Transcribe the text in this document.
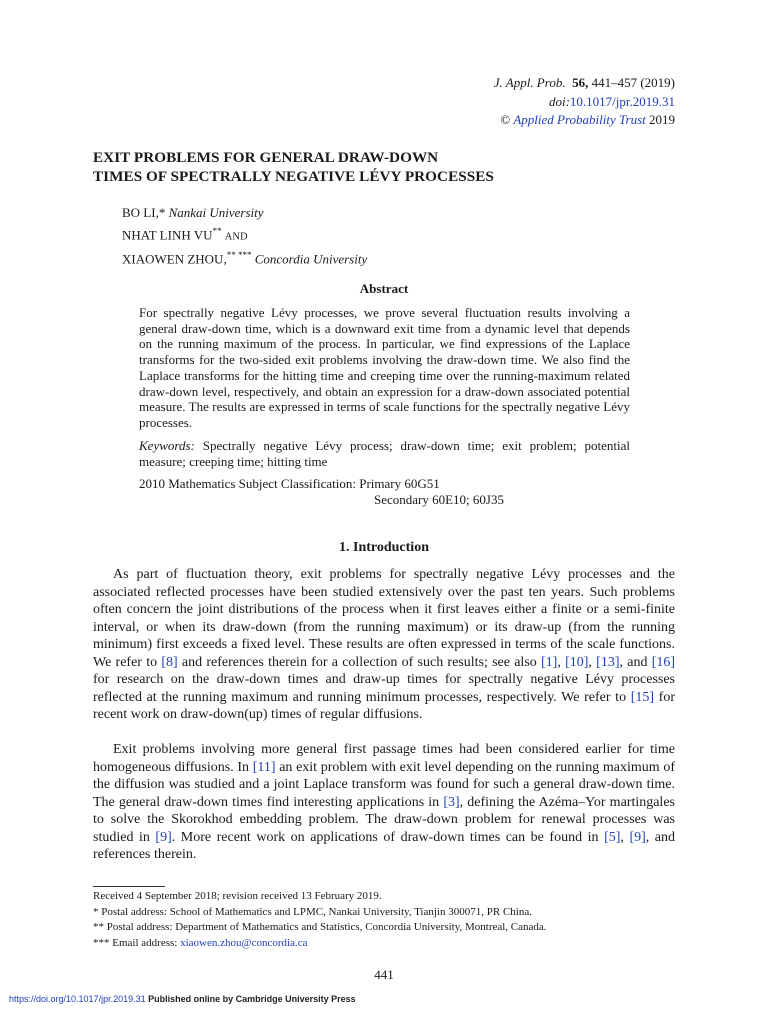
J. Appl. Prob. 56, 441–457 (2019)
doi:10.1017/jpr.2019.31
© Applied Probability Trust 2019
EXIT PROBLEMS FOR GENERAL DRAW-DOWN
TIMES OF SPECTRALLY NEGATIVE LÉVY PROCESSES
BO LI,* Nankai University
NHAT LINH VU** AND
XIAOWEN ZHOU,** *** Concordia University
Abstract

For spectrally negative Lévy processes, we prove several fluctuation results involving a general draw-down time, which is a downward exit time from a dynamic level that depends on the running maximum of the process. In particular, we find expressions of the Laplace transforms for the two-sided exit problems involving the draw-down time. We also find the Laplace transforms for the hitting time and creeping time over the running-maximum related draw-down level, respectively, and obtain an expression for a draw-down associated potential measure. The results are expressed in terms of scale functions for the spectrally negative Lévy processes.

Keywords: Spectrally negative Lévy process; draw-down time; exit problem; potential measure; creeping time; hitting time
2010 Mathematics Subject Classification: Primary 60G51
Secondary 60E10; 60J35
1. Introduction

As part of fluctuation theory, exit problems for spectrally negative Lévy processes and the associated reflected processes have been studied extensively over the past ten years. Such problems often concern the joint distributions of the process when it first leaves either a finite or a semi-finite interval, or when its draw-down (from the running maximum) or its draw-up (from the running minimum) first exceeds a fixed level. These results are often expressed in terms of the scale functions. We refer to [8] and references therein for a collection of such results; see also [1], [10], [13], and [16] for research on the draw-down times and draw-up times for spectrally negative Lévy processes reflected at the running maximum and running minimum processes, respectively. We refer to [15] for recent work on draw-down(up) times of regular diffusions.

Exit problems involving more general first passage times had been considered earlier for time homogeneous diffusions. In [11] an exit problem with exit level depending on the running maximum of the diffusion was studied and a joint Laplace transform was found for such a general draw-down time. The general draw-down times find interesting applications in [3], defining the Azéma–Yor martingales to solve the Skorokhod embedding problem. The draw-down problem for renewal processes was studied in [9]. More recent work on applications of draw-down times can be found in [5], [9], and references therein.

Received 4 September 2018; revision received 13 February 2019.
* Postal address: School of Mathematics and LPMC, Nankai University, Tianjin 300071, PR China.
** Postal address: Department of Mathematics and Statistics, Concordia University, Montreal, Canada.
*** Email address: xiaowen.zhou@concordia.ca
441
https://doi.org/10.1017/jpr.2019.31 Published online by Cambridge University Press
